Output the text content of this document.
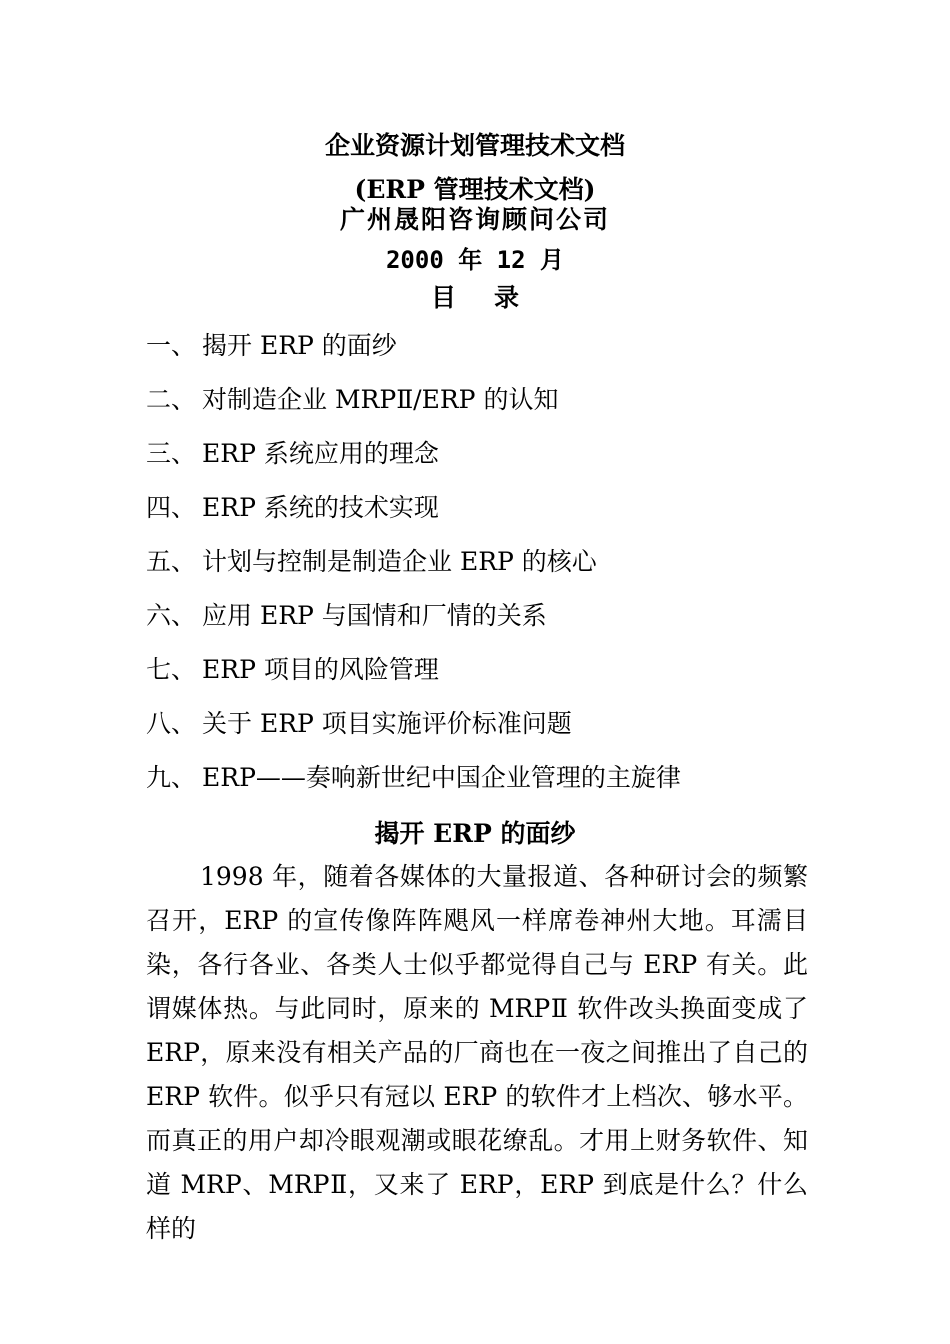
企业资源计划管理技术文档
(ERP 管理技术文档)
广州晟阳咨询顾问公司
2000 年 12 月
目 录
一、 揭开 ERP 的面纱
二、 对制造企业 MRPⅡ/ERP 的认知
三、 ERP 系统应用的理念
四、 ERP 系统的技术实现
五、 计划与控制是制造企业 ERP 的核心
六、 应用 ERP 与国情和厂情的关系
七、 ERP 项目的风险管理
八、 关于 ERP 项目实施评价标准问题
九、 ERP——奏响新世纪中国企业管理的主旋律
揭开 ERP 的面纱

1998 年，随着各媒体的大量报道、各种研讨会的频繁召开，ERP 的宣传像阵阵飓风一样席卷神州大地。耳濡目染，各行各业、各类人士似乎都觉得自己与 ERP 有关。此谓媒体热。与此同时，原来的 MRPⅡ 软件改头换面变成了 ERP，原来没有相关产品的厂商也在一夜之间推出了自己的 ERP 软件。似乎只有冠以 ERP 的软件才上档次、够水平。而真正的用户却冷眼观潮或眼花缭乱。才用上财务软件、知道 MRP、MRPⅡ，又来了 ERP，ERP 到底是什么？什么样的
